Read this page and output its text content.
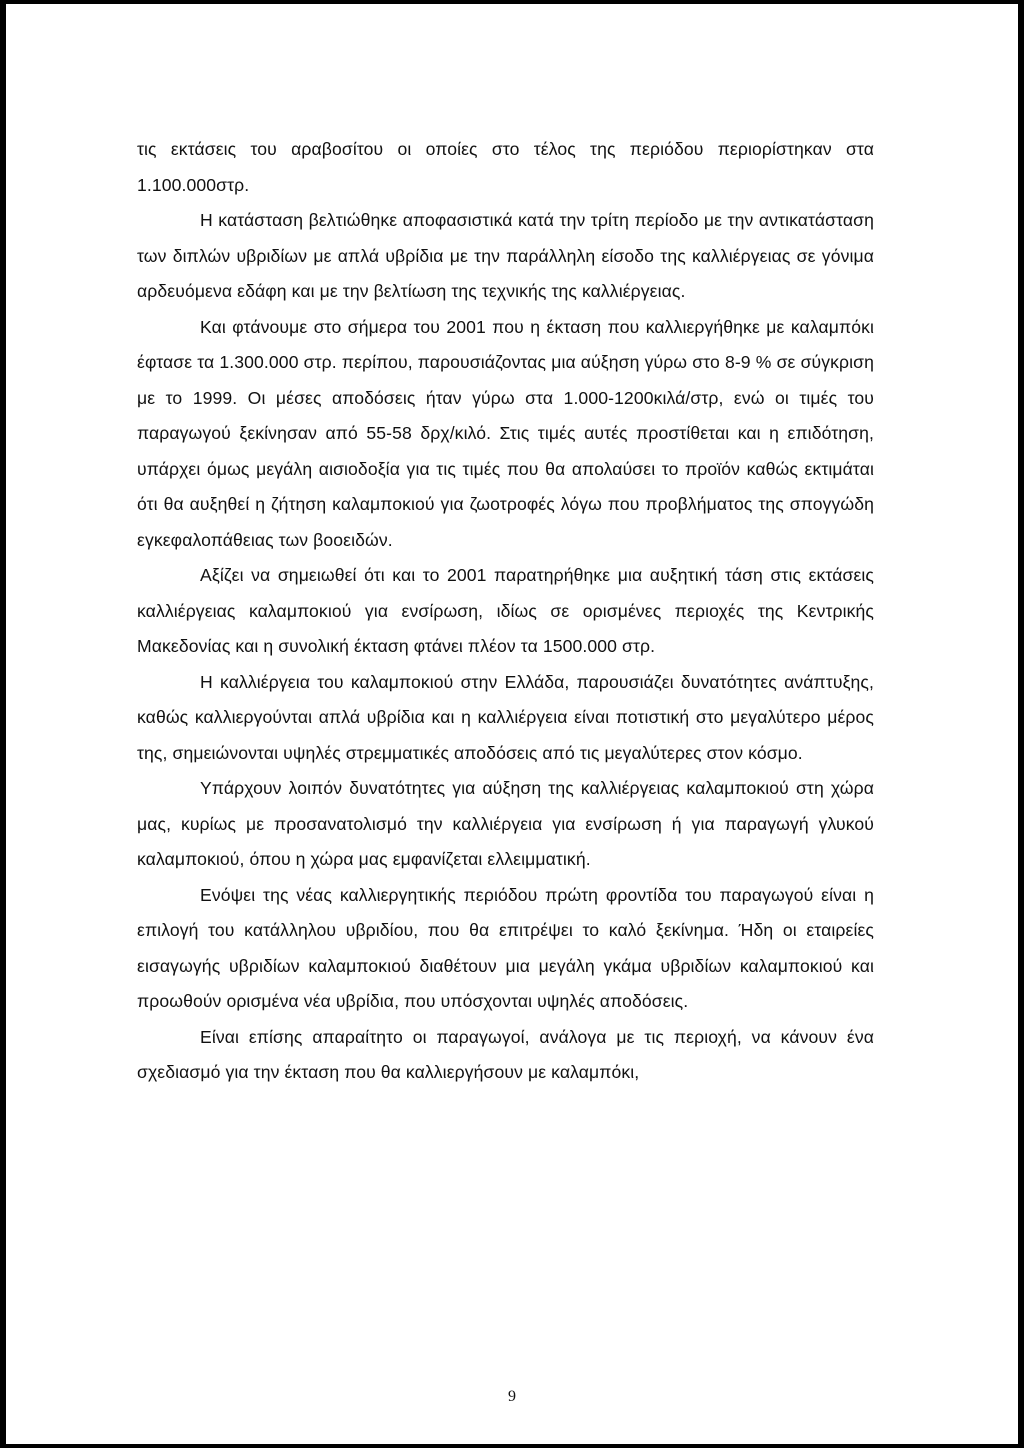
τις εκτάσεις του αραβοσίτου οι οποίες στο τέλος της περιόδου περιορίστηκαν στα 1.100.000στρ.

Η κατάσταση βελτιώθηκε αποφασιστικά κατά την τρίτη περίοδο με την αντικατάσταση των διπλών υβριδίων με απλά υβρίδια με την παράλληλη είσοδο της καλλιέργειας σε γόνιμα αρδευόμενα εδάφη και με την βελτίωση της τεχνικής της καλλιέργειας.

Και φτάνουμε στο σήμερα του 2001 που η έκταση που καλλιεργήθηκε με καλαμπόκι έφτασε τα 1.300.000 στρ. περίπου, παρουσιάζοντας μια αύξηση γύρω στο 8-9 % σε σύγκριση με το 1999. Οι μέσες αποδόσεις ήταν γύρω στα 1.000-1200κιλά/στρ, ενώ οι τιμές του παραγωγού ξεκίνησαν από 55-58 δρχ/κιλό. Στις τιμές αυτές προστίθεται και η επιδότηση, υπάρχει όμως μεγάλη αισιοδοξία για τις τιμές που θα απολαύσει το προϊόν καθώς εκτιμάται ότι θα αυξηθεί η ζήτηση καλαμποκιού για ζωοτροφές λόγω που προβλήματος της σπογγώδη εγκεφαλοπάθειας των βοοειδών.

Αξίζει να σημειωθεί ότι και το 2001 παρατηρήθηκε μια αυξητική τάση στις εκτάσεις καλλιέργειας καλαμποκιού για ενσίρωση, ιδίως σε ορισμένες περιοχές της Κεντρικής Μακεδονίας και η συνολική έκταση φτάνει πλέον τα 1500.000 στρ.

Η καλλιέργεια του καλαμποκιού στην Ελλάδα, παρουσιάζει δυνατότητες ανάπτυξης, καθώς καλλιεργούνται απλά υβρίδια και η καλλιέργεια είναι ποτιστική στο μεγαλύτερο μέρος της, σημειώνονται υψηλές στρεμματικές αποδόσεις από τις μεγαλύτερες στον κόσμο.

Υπάρχουν λοιπόν δυνατότητες για αύξηση της καλλιέργειας καλαμποκιού στη χώρα μας, κυρίως με προσανατολισμό την καλλιέργεια για ενσίρωση ή για παραγωγή γλυκού καλαμποκιού, όπου η χώρα μας εμφανίζεται ελλειμματική.

Ενόψει της νέας καλλιεργητικής περιόδου πρώτη φροντίδα του παραγωγού είναι η επιλογή του κατάλληλου υβριδίου, που θα επιτρέψει το καλό ξεκίνημα. Ήδη οι εταιρείες εισαγωγής υβριδίων καλαμποκιού διαθέτουν μια μεγάλη γκάμα υβριδίων καλαμποκιού και προωθούν ορισμένα νέα υβρίδια, που υπόσχονται υψηλές αποδόσεις.

Είναι επίσης απαραίτητο οι παραγωγοί, ανάλογα με τις περιοχή, να κάνουν ένα σχεδιασμό για την έκταση που θα καλλιεργήσουν με καλαμπόκι,

9
